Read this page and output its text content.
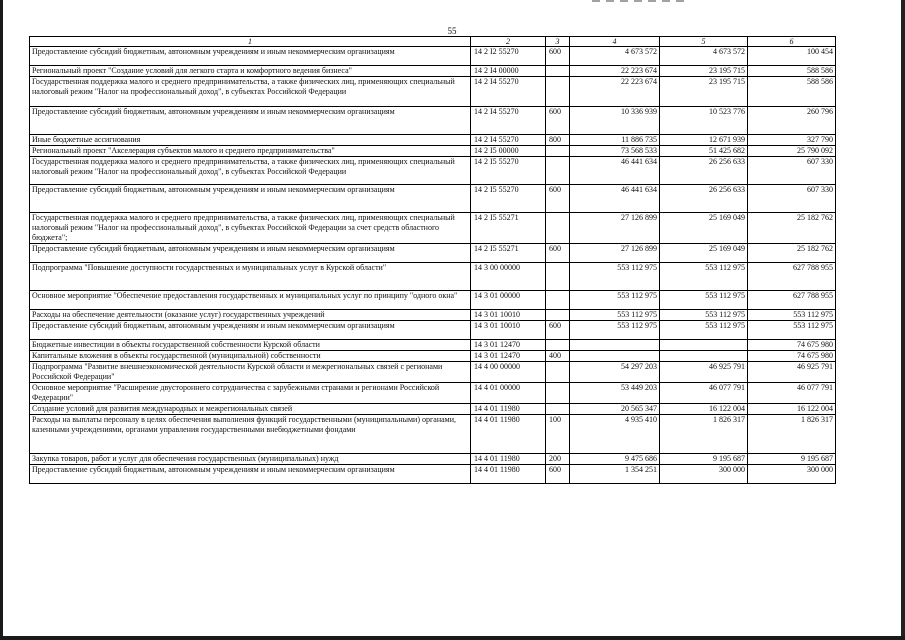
55
1	2	3	4	5	6
Предоставление субсидий бюджетным, автономным учреждениям и иным некоммерческим организациям	14 2 I2 55270	600	4 673 572	4 673 572	100 454
Региональный проект "Создание условий для легкого старта и комфортного ведения бизнеса"	14 2 I4 00000		22 223 674	23 195 715	588 586
Государственная поддержка малого и среднего предпринимательства, а также физических лиц, применяющих специальный налоговый режим "Налог на профессиональный доход", в субъектах Российской Федерации	14 2 I4 55270		22 223 674	23 195 715	588 586
Предоставление субсидий бюджетным, автономным учреждениям и иным некоммерческим организациям	14 2 I4 55270	600	10 336 939	10 523 776	260 796
Иные бюджетные ассигнования	14 2 I4 55270	800	11 886 735	12 671 939	327 790
Региональный проект "Акселерация субъектов малого и среднего предпринимательства"	14 2 I5 00000		73 568 533	51 425 682	25 790 092
Государственная поддержка малого и среднего предпринимательства, а также физических лиц, применяющих специальный налоговый режим "Налог на профессиональный доход", в субъектах Российской Федерации	14 2 I5 55270		46 441 634	26 256 633	607 330
Предоставление субсидий бюджетным, автономным учреждениям и иным некоммерческим организациям	14 2 I5 55270	600	46 441 634	26 256 633	607 330
Государственная поддержка малого и среднего предпринимательства, а также физических лиц, применяющих специальный налоговый режим "Налог на профессиональный доход", в субъектах Российской Федерации за счет средств областного бюджета";	14 2 I5 55271		27 126 899	25 169 049	25 182 762
Предоставление субсидий бюджетным, автономным учреждениям и иным некоммерческим организациям	14 2 I5 55271	600	27 126 899	25 169 049	25 182 762
Подпрограмма "Повышение доступности государственных и муниципальных услуг в Курской области"	14 3 00 00000		553 112 975	553 112 975	627 788 955
Основное мероприятие "Обеспечение предоставления государственных и муниципальных услуг по принципу "одного окна"	14 3 01 00000		553 112 975	553 112 975	627 788 955
Расходы на обеспечение деятельности (оказание услуг) государственных учреждений	14 3 01 10010		553 112 975	553 112 975	553 112 975
Предоставление субсидий бюджетным, автономным учреждениям и иным некоммерческим организациям	14 3 01 10010	600	553 112 975	553 112 975	553 112 975
Бюджетные инвестиции в объекты государственной собственности Курской области	14 3 01 12470				74 675 980
Капитальные вложения в объекты государственной (муниципальной) собственности	14 3 01 12470	400			74 675 980
Подпрограмма "Развитие внешнеэкономической деятельности Курской области и межрегиональных связей с регионами Российской Федерации"	14 4 00 00000		54 297 203	46 925 791	46 925 791
Основное мероприятие "Расширение двустороннего сотрудничества с зарубежными странами и регионами Российской Федерации"	14 4 01 00000		53 449 203	46 077 791	46 077 791
Создание условий для развития международных и межрегиональных связей	14 4 01 11980		20 565 347	16 122 004	16 122 004
Расходы на выплаты персоналу в целях обеспечения выполнения функций государственными (муниципальными) органами, казенными учреждениями, органами управления государственными внебюджетными фондами	14 4 01 11980	100	4 935 410	1 826 317	1 826 317
Закупка товаров, работ и услуг для обеспечения государственных (муниципальных) нужд	14 4 01 11980	200	9 475 686	9 195 687	9 195 687
Предоставление субсидий бюджетным, автономным учреждениям и иным некоммерческим организациям	14 4 01 11980	600	1 354 251	300 000	300 000
